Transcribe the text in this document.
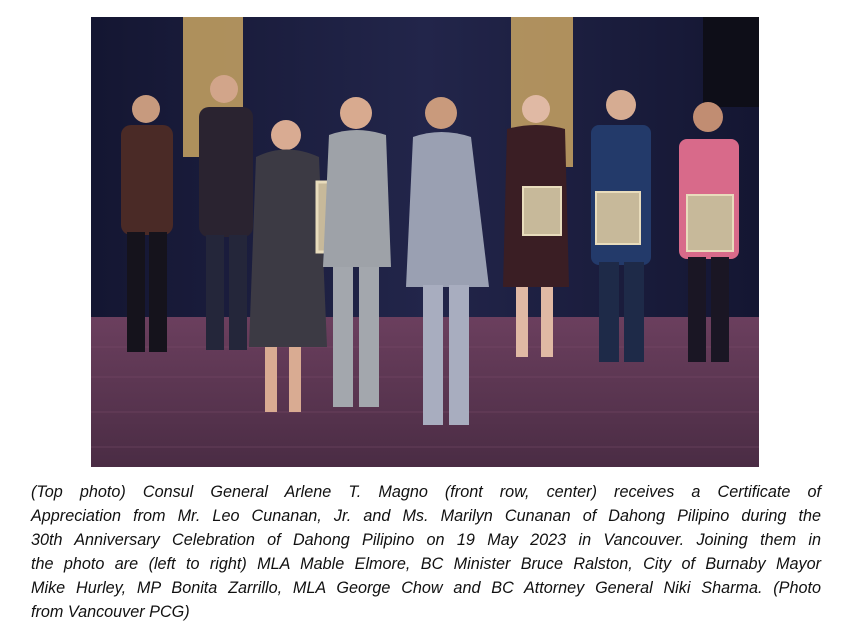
(Top photo) Consul General Arlene T. Magno (front row, center) receives a Certificate of
Appreciation from Mr. Leo Cunanan, Jr. and Ms. Marilyn Cunanan of Dahong Pilipino during the
30th Anniversary Celebration of Dahong Pilipino on 19 May 2023 in Vancouver. Joining them in
the photo are (left to right) MLA Mable Elmore, BC Minister Bruce Ralston, City of Burnaby Mayor
Mike Hurley, MP Bonita Zarrillo, MLA George Chow and BC Attorney General Niki Sharma. (Photo
from Vancouver PCG)
